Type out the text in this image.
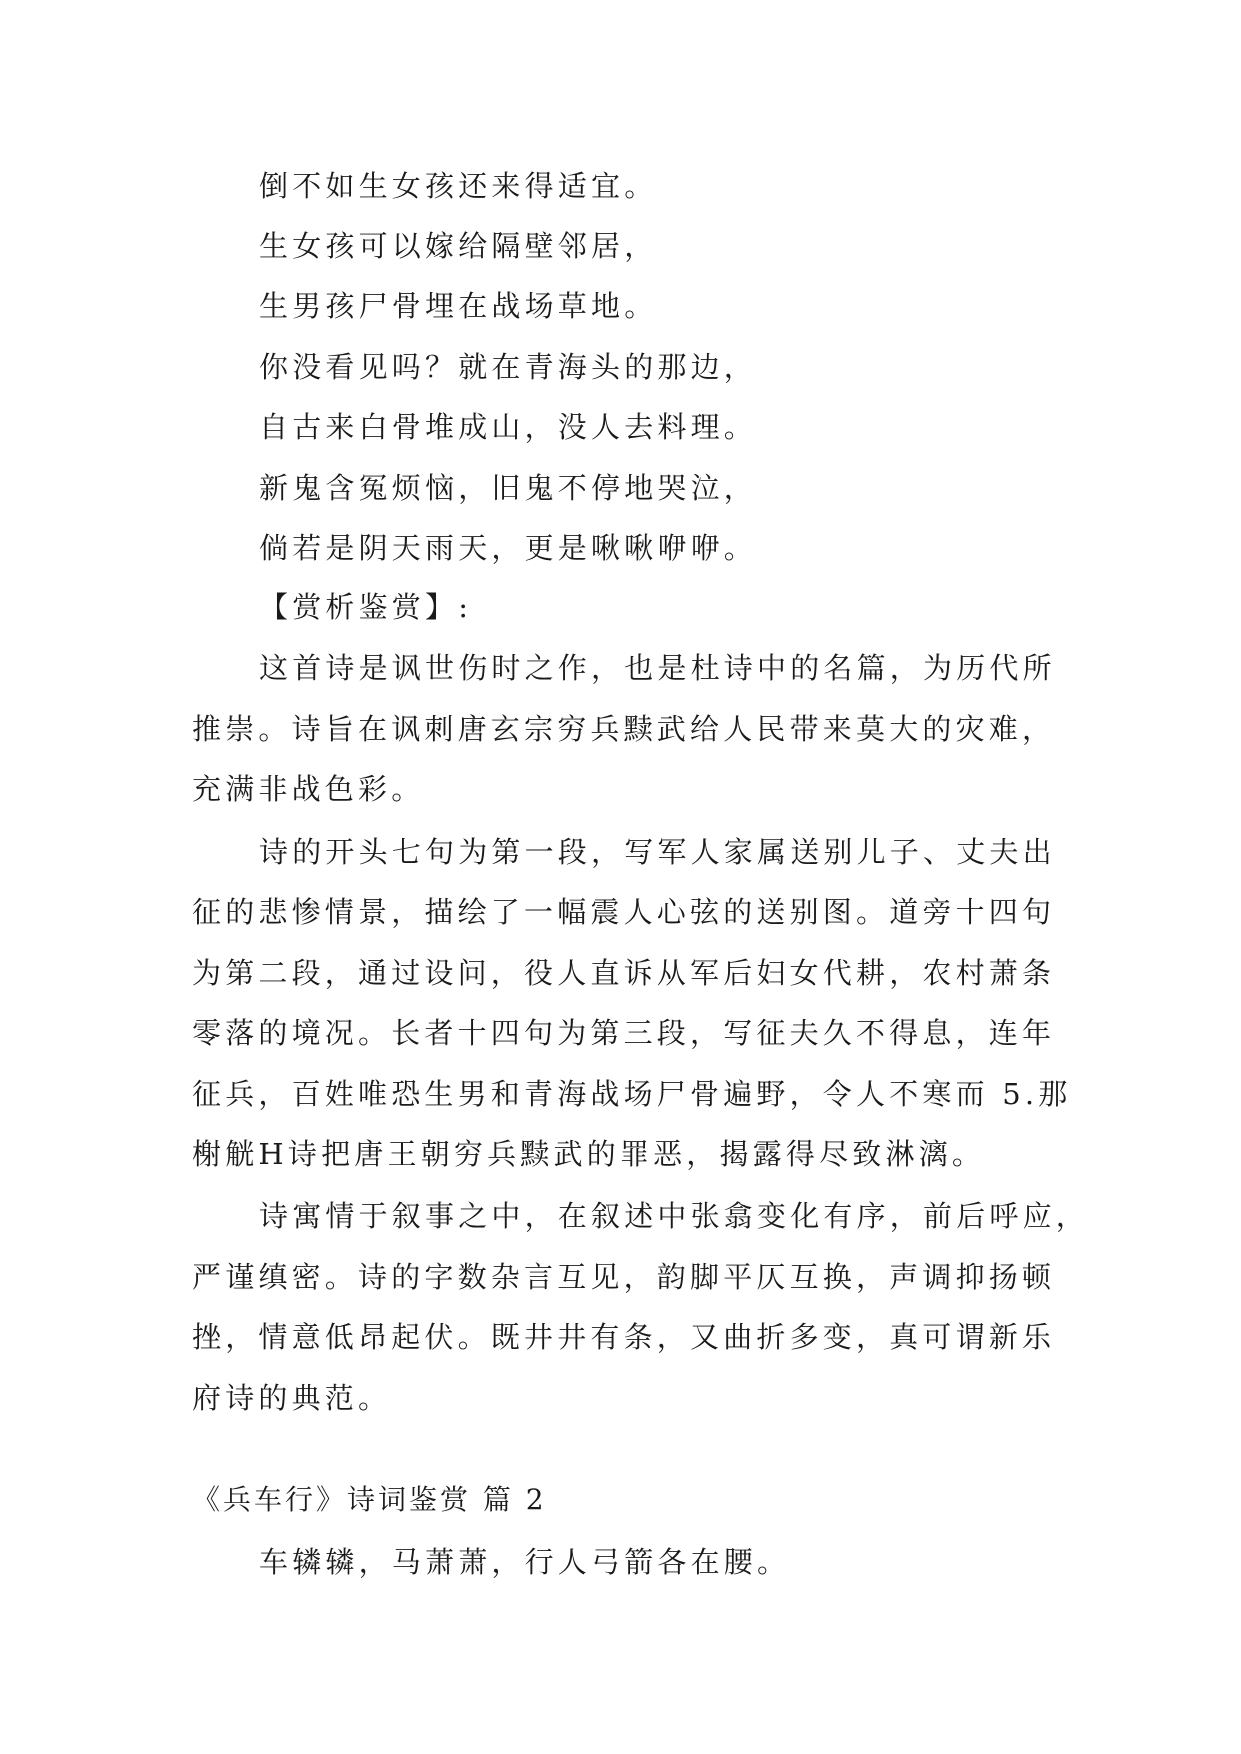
倒不如生女孩还来得适宜。
生女孩可以嫁给隔壁邻居，
生男孩尸骨埋在战场草地。
你没看见吗？就在青海头的那边，
自古来白骨堆成山，没人去料理。
新鬼含冤烦恼，旧鬼不停地哭泣，
倘若是阴天雨天，更是啾啾咿咿。
【赏析鉴赏】:
这首诗是讽世伤时之作，也是杜诗中的名篇，为历代所
推崇。诗旨在讽刺唐玄宗穷兵黩武给人民带来莫大的灾难，
充满非战色彩。
诗的开头七句为第一段，写军人家属送别儿子、丈夫出
征的悲惨情景，描绘了一幅震人心弦的送别图。道旁十四句
为第二段，通过设问，役人直诉从军后妇女代耕，农村萧条
零落的境况。长者十四句为第三段，写征夫久不得息，连年
征兵，百姓唯恐生男和青海战场尸骨遍野，令人不寒而 5.那
榭觥H诗把唐王朝穷兵黩武的罪恶，揭露得尽致淋漓。
诗寓情于叙事之中，在叙述中张翕变化有序，前后呼应，
严谨缜密。诗的字数杂言互见，韵脚平仄互换，声调抑扬顿
挫，情意低昂起伏。既井井有条，又曲折多变，真可谓新乐
府诗的典范。
《兵车行》诗词鉴赏 篇 2
车辚辚，马萧萧，行人弓箭各在腰。
